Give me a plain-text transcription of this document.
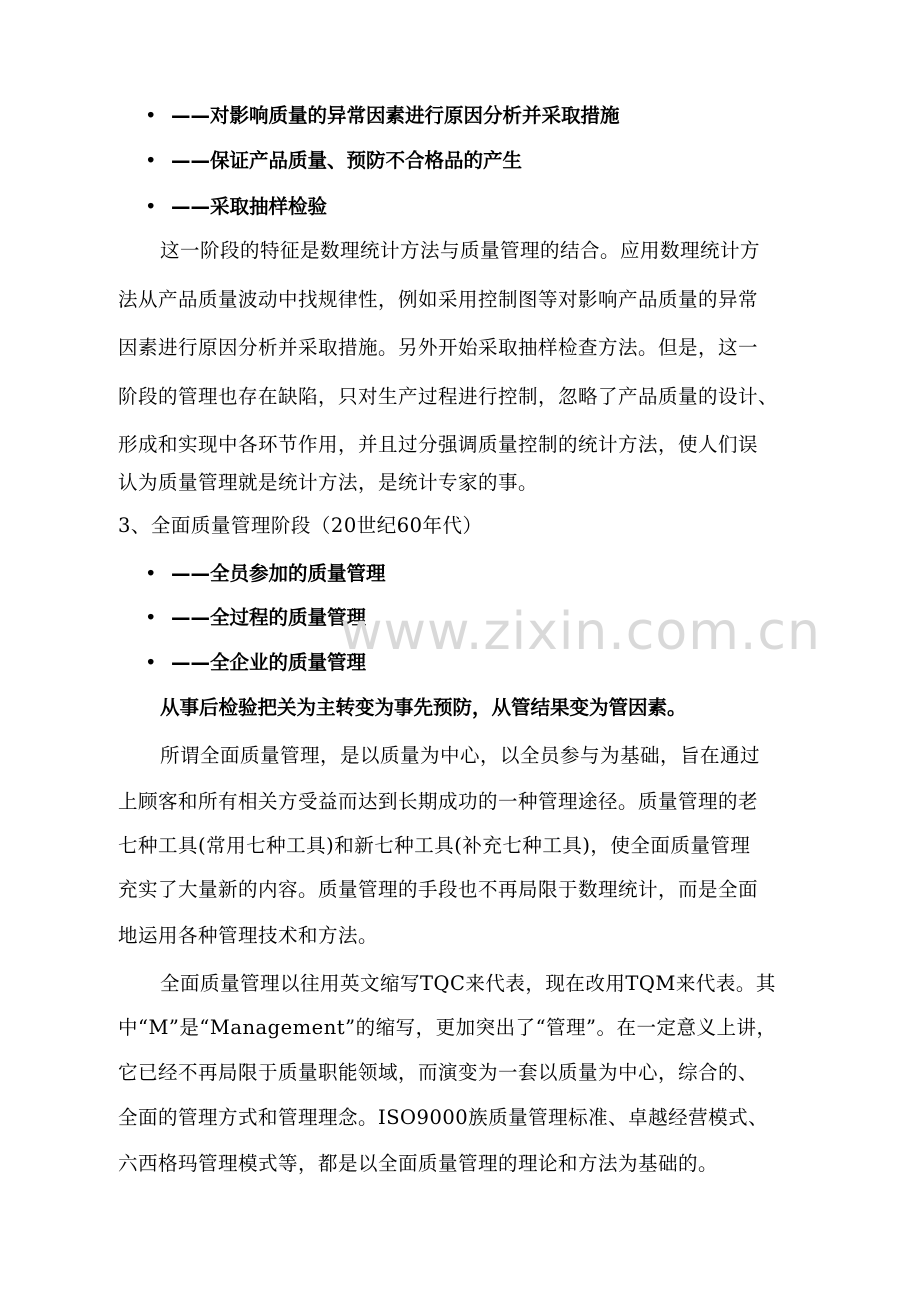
• ——对影响质量的异常因素进行原因分析并采取措施
• ——保证产品质量、预防不合格品的产生
• ——采取抽样检验
这一阶段的特征是数理统计方法与质量管理的结合。应用数理统计方
法从产品质量波动中找规律性，例如采用控制图等对影响产品质量的异常
因素进行原因分析并采取措施。另外开始采取抽样检查方法。但是，这一
阶段的管理也存在缺陷，只对生产过程进行控制，忽略了产品质量的设计、
形成和实现中各环节作用，并且过分强调质量控制的统计方法，使人们误
认为质量管理就是统计方法，是统计专家的事。
3、全面质量管理阶段（20世纪60年代）
• ——全员参加的质量管理
• ——全过程的质量管理
• ——全企业的质量管理
www.zixin.com.cn
从事后检验把关为主转变为事先预防，从管结果变为管因素。
所谓全面质量管理，是以质量为中心，以全员参与为基础，旨在通过
上顾客和所有相关方受益而达到长期成功的一种管理途径。质量管理的老
七种工具(常用七种工具)和新七种工具(补充七种工具)，使全面质量管理
充实了大量新的内容。质量管理的手段也不再局限于数理统计，而是全面
地运用各种管理技术和方法。
全面质量管理以往用英文缩写TQC来代表，现在改用TQM来代表。其
中“M”是“Management”的缩写，更加突出了“管理”。在一定意义上讲，
它已经不再局限于质量职能领域，而演变为一套以质量为中心，综合的、
全面的管理方式和管理理念。ISO9000族质量管理标准、卓越经营模式、
六西格玛管理模式等，都是以全面质量管理的理论和方法为基础的。
